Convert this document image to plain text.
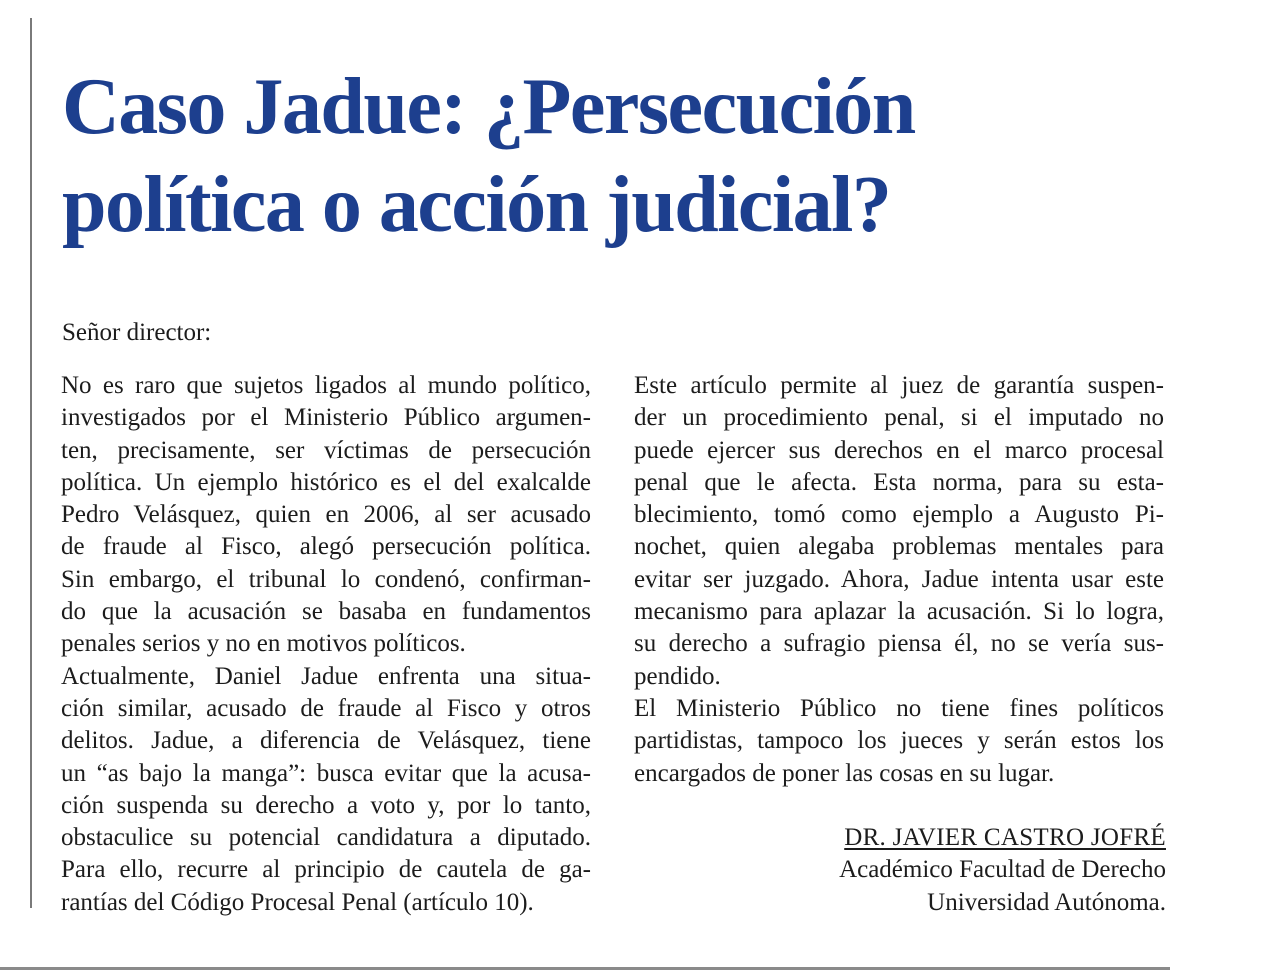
Caso Jadue: ¿Persecución
política o acción judicial?

Señor director:

No es raro que sujetos ligados al mundo político,
investigados por el Ministerio Público argumen-
ten, precisamente, ser víctimas de persecución
política. Un ejemplo histórico es el del exalcalde
Pedro Velásquez, quien en 2006, al ser acusado
de fraude al Fisco, alegó persecución política.
Sin embargo, el tribunal lo condenó, confirman-
do que la acusación se basaba en fundamentos
penales serios y no en motivos políticos.
Actualmente, Daniel Jadue enfrenta una situa-
ción similar, acusado de fraude al Fisco y otros
delitos. Jadue, a diferencia de Velásquez, tiene
un “as bajo la manga”: busca evitar que la acusa-
ción suspenda su derecho a voto y, por lo tanto,
obstaculice su potencial candidatura a diputado.
Para ello, recurre al principio de cautela de ga-
rantías del Código Procesal Penal (artículo 10).

Este artículo permite al juez de garantía suspen-
der un procedimiento penal, si el imputado no
puede ejercer sus derechos en el marco procesal
penal que le afecta. Esta norma, para su esta-
blecimiento, tomó como ejemplo a Augusto Pi-
nochet, quien alegaba problemas mentales para
evitar ser juzgado. Ahora, Jadue intenta usar este
mecanismo para aplazar la acusación. Si lo logra,
su derecho a sufragio piensa él, no se vería sus-
pendido.
El Ministerio Público no tiene fines políticos
partidistas, tampoco los jueces y serán estos los
encargados de poner las cosas en su lugar.

DR. JAVIER CASTRO JOFRÉ
Académico Facultad de Derecho
Universidad Autónoma.
